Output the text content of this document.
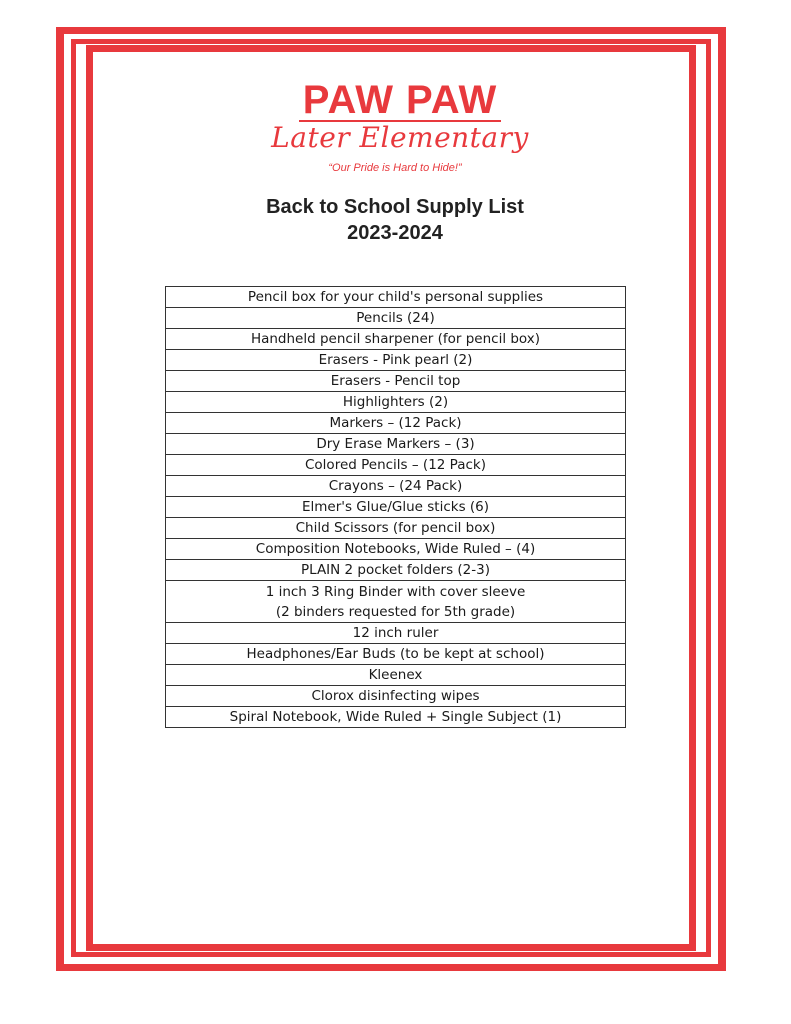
PAW PAW
Later Elementary
“Our Pride is Hard to Hide!”
Back to School Supply List
2023-2024
Pencil box for your child's personal supplies
Pencils (24)
Handheld pencil sharpener (for pencil box)
Erasers - Pink pearl (2)
Erasers - Pencil top
Highlighters (2)
Markers – (12 Pack)
Dry Erase Markers – (3)
Colored Pencils – (12 Pack)
Crayons – (24 Pack)
Elmer's Glue/Glue sticks (6)
Child Scissors (for pencil box)
Composition Notebooks, Wide Ruled – (4)
PLAIN 2 pocket folders (2-3)

1 inch 3 Ring Binder with cover sleeve
(2 binders requested for 5th grade)

12 inch ruler
Headphones/Ear Buds (to be kept at school)
Kleenex
Clorox disinfecting wipes
Spiral Notebook, Wide Ruled + Single Subject (1)
